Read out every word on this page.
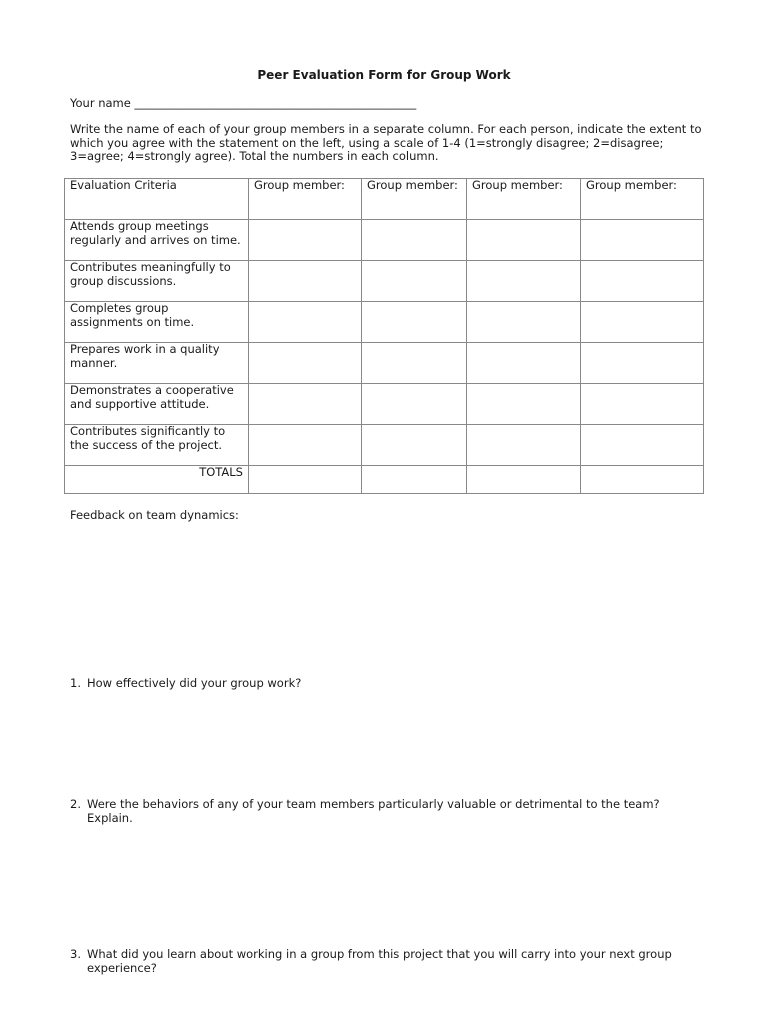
Peer Evaluation Form for Group Work
Your name _________________________________________________
Write the name of each of your group members in a separate column. For each person, indicate the extent to which you agree with the statement on the left, using a scale of 1-4 (1=strongly disagree; 2=disagree; 3=agree; 4=strongly agree). Total the numbers in each column.
Evaluation Criteria	Group member:	Group member:	Group member:	Group member:
Attends group meetings regularly and arrives on time.				
Contributes meaningfully to group discussions.				
Completes group assignments on time.				
Prepares work in a quality manner.				
Demonstrates a cooperative and supportive attitude.				
Contributes significantly to the success of the project.				
TOTALS				
Feedback on team dynamics:
1. How effectively did your group work?
2. Were the behaviors of any of your team members particularly valuable or detrimental to the team? Explain.
3. What did you learn about working in a group from this project that you will carry into your next group experience?
